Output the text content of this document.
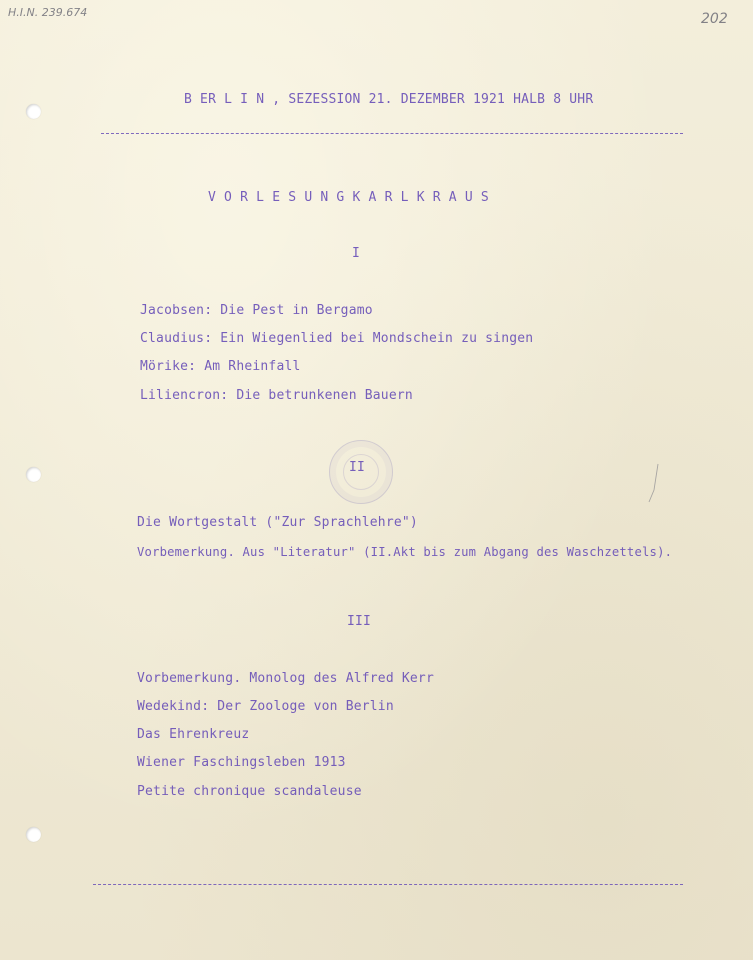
H.I.N. 239.674	202
B ER L I N , SEZESSION 21. DEZEMBER 1921 HALB 8 UHR
V O R L E S U N G K A R L K R A U S
I
Jacobsen: Die Pest in Bergamo
Claudius: Ein Wiegenlied bei Mondschein zu singen
Mörike: Am Rheinfall
Liliencron: Die betrunkenen Bauern
II
Die Wortgestalt ("Zur Sprachlehre")
Vorbemerkung. Aus "Literatur" (II.Akt bis zum Abgang des Waschzettels).
III
Vorbemerkung. Monolog des Alfred Kerr
Wedekind: Der Zoologe von Berlin
Das Ehrenkreuz
Wiener Faschingsleben 1913
Petite chronique scandaleuse
